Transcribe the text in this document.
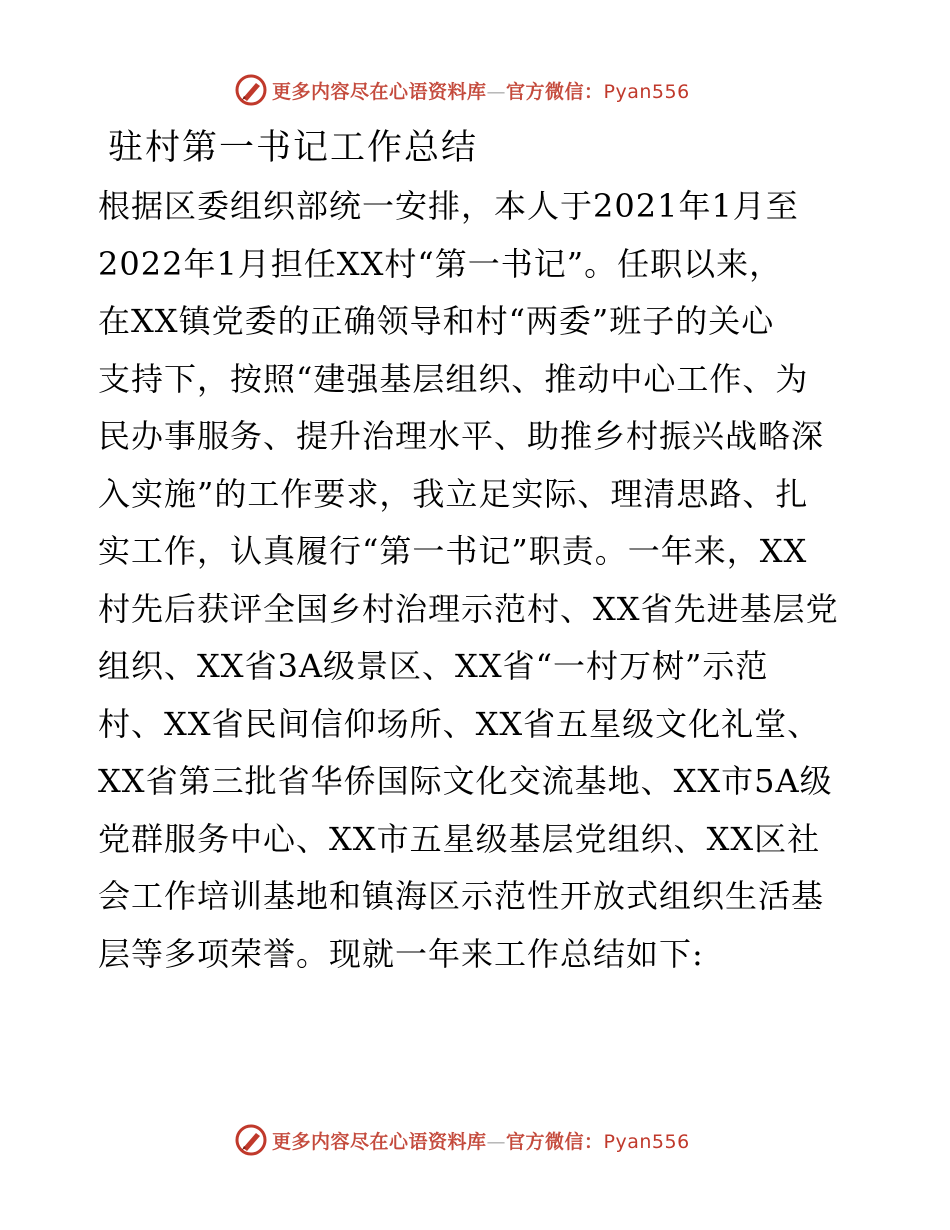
更多内容尽在心语资料库—官方微信：Pyan556
驻村第一书记工作总结
根据区委组织部统一安排，本人于2021年1月至
2022年1月担任XX村“第一书记”。任职以来，
在XX镇党委的正确领导和村“两委”班子的关心
支持下，按照“建强基层组织、推动中心工作、为
民办事服务、提升治理水平、助推乡村振兴战略深
入实施”的工作要求，我立足实际、理清思路、扎
实工作，认真履行“第一书记”职责。一年来，XX
村先后获评全国乡村治理示范村、XX省先进基层党
组织、XX省3A级景区、XX省“一村万树”示范
村、XX省民间信仰场所、XX省五星级文化礼堂、
XX省第三批省华侨国际文化交流基地、XX市5A级
党群服务中心、XX市五星级基层党组织、XX区社
会工作培训基地和镇海区示范性开放式组织生活基
层等多项荣誉。现就一年来工作总结如下:
更多内容尽在心语资料库—官方微信：Pyan556
